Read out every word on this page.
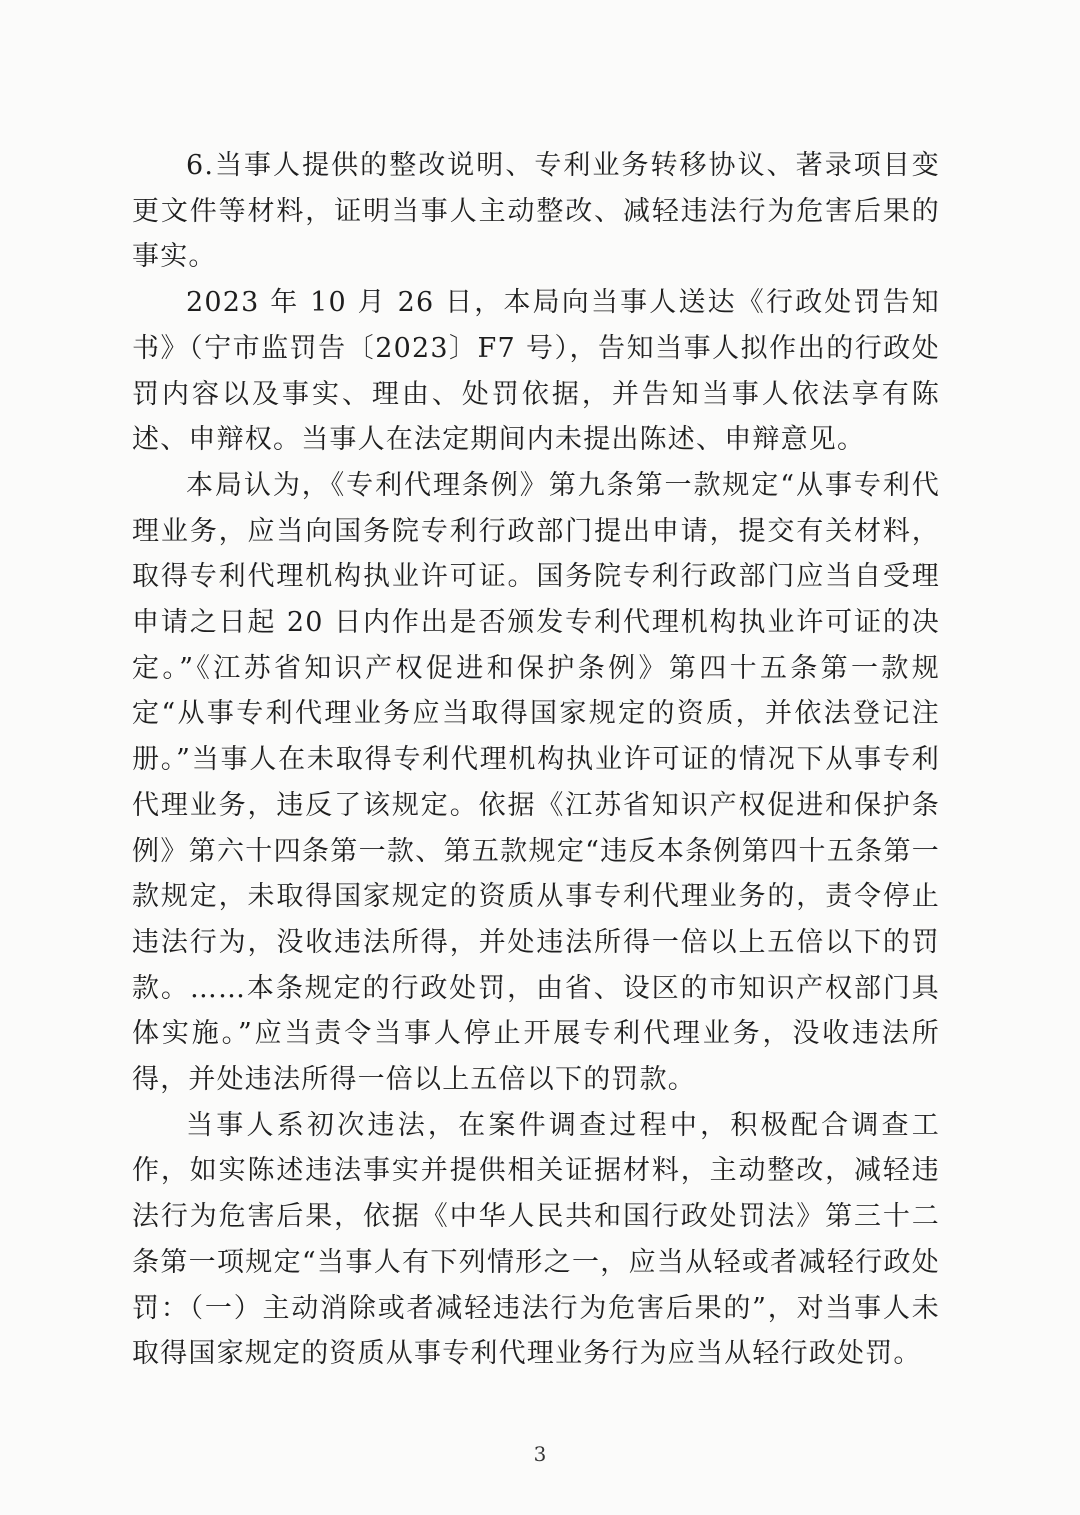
6.当事人提供的整改说明、专利业务转移协议、著录项目变更文件等材料，证明当事人主动整改、减轻违法行为危害后果的事实。

2023 年 10 月 26 日，本局向当事人送达《行政处罚告知书》（宁市监罚告〔2023〕F7 号），告知当事人拟作出的行政处罚内容以及事实、理由、处罚依据，并告知当事人依法享有陈述、申辩权。当事人在法定期间内未提出陈述、申辩意见。

本局认为，《专利代理条例》第九条第一款规定“从事专利代理业务，应当向国务院专利行政部门提出申请，提交有关材料，取得专利代理机构执业许可证。国务院专利行政部门应当自受理申请之日起 20 日内作出是否颁发专利代理机构执业许可证的决定。”《江苏省知识产权促进和保护条例》第四十五条第一款规定“从事专利代理业务应当取得国家规定的资质，并依法登记注册。”当事人在未取得专利代理机构执业许可证的情况下从事专利代理业务，违反了该规定。依据《江苏省知识产权促进和保护条例》第六十四条第一款、第五款规定“违反本条例第四十五条第一款规定，未取得国家规定的资质从事专利代理业务的，责令停止违法行为，没收违法所得，并处违法所得一倍以上五倍以下的罚款。……本条规定的行政处罚，由省、设区的市知识产权部门具体实施。”应当责令当事人停止开展专利代理业务，没收违法所得，并处违法所得一倍以上五倍以下的罚款。

当事人系初次违法，在案件调查过程中，积极配合调查工作，如实陈述违法事实并提供相关证据材料，主动整改，减轻违法行为危害后果，依据《中华人民共和国行政处罚法》第三十二条第一项规定“当事人有下列情形之一，应当从轻或者减轻行政处罚：（一）主动消除或者减轻违法行为危害后果的”，对当事人未取得国家规定的资质从事专利代理业务行为应当从轻行政处罚。

3
